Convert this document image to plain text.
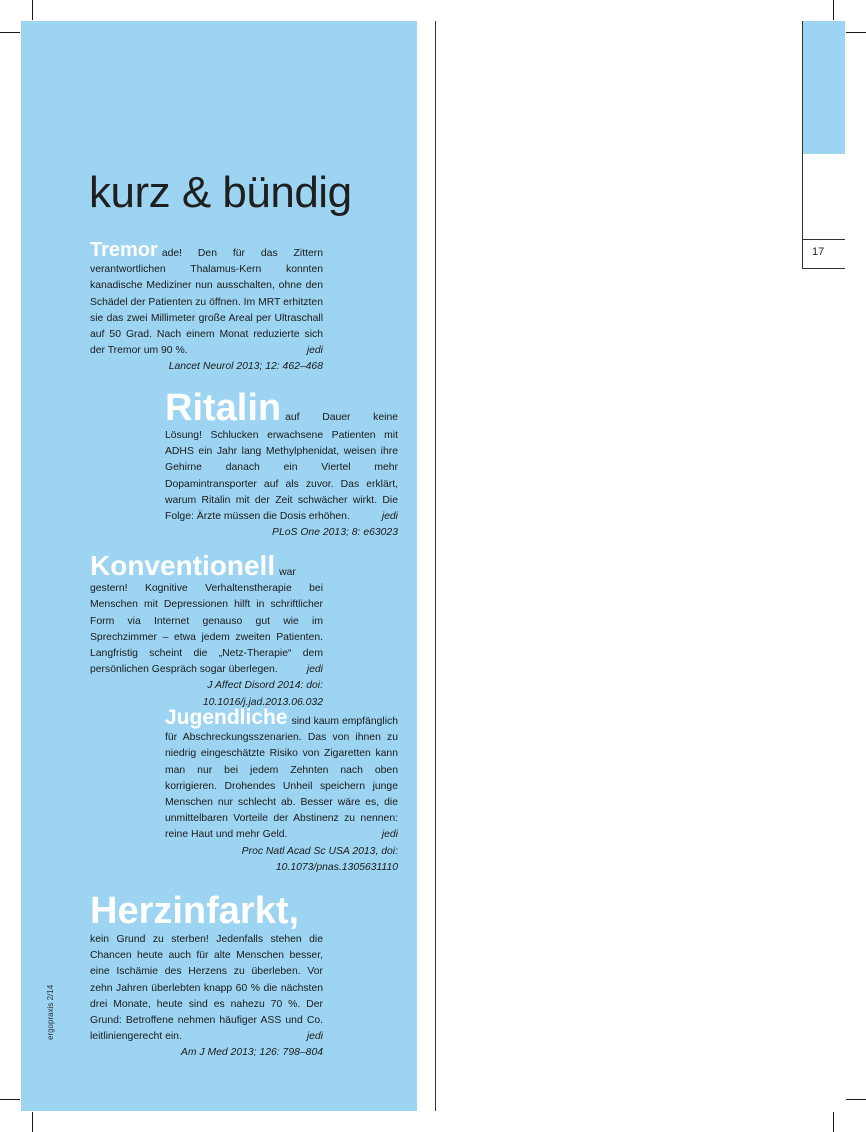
17
kurz & bündig
Tremor ade! Den für das Zittern verantwortlichen Thalamus-Kern konnten kanadische Mediziner nun ausschalten, ohne den Schädel der Patienten zu öffnen. Im MRT erhitzten sie das zwei Millimeter große Areal per Ultraschall auf 50 Grad. Nach einem Monat reduzierte sich der Tremor um 90 %.	jedi
Lancet Neurol 2013; 12: 462–468
Ritalin auf Dauer keine Lösung! Schlucken erwachsene Patienten mit ADHS ein Jahr lang Methylphenidat, weisen ihre Gehirne danach ein Viertel mehr Dopamintransporter auf als zuvor. Das erklärt, warum Ritalin mit der Zeit schwächer wirkt. Die Folge: Ärzte müssen die Dosis erhöhen.	jedi
PLoS One 2013; 8: e63023
Konventionell war gestern! Kognitive Verhaltenstherapie bei Menschen mit Depressionen hilft in schriftlicher Form via Internet genauso gut wie im Sprechzimmer – etwa jedem zweiten Patienten. Langfristig scheint die „Netz-Therapie“ dem persönlichen Gespräch sogar überlegen.	jedi
J Affect Disord 2014: doi: 10.1016/j.jad.2013.06.032
Jugendliche sind kaum empfänglich für Abschreckungsszenarien. Das von ihnen zu niedrig eingeschätzte Risiko von Zigaretten kann man nur bei jedem Zehnten nach oben korrigieren. Drohendes Unheil speichern junge Menschen nur schlecht ab. Besser wäre es, die unmittelbaren Vorteile der Abstinenz zu nennen: reine Haut und mehr Geld.	jedi
Proc Natl Acad Sc USA 2013, doi: 10.1073/pnas.1305631110
Herzinfarkt,
kein Grund zu sterben! Jedenfalls stehen die Chancen heute auch für alte Menschen besser, eine Ischämie des Herzens zu überleben. Vor zehn Jahren überlebten knapp 60 % die nächsten drei Monate, heute sind es nahezu 70 %. Der Grund: Betroffene nehmen häufiger ASS und Co. leitliniengerecht ein.	jedi
Am J Med 2013; 126: 798–804
ergopraxis 2/14
